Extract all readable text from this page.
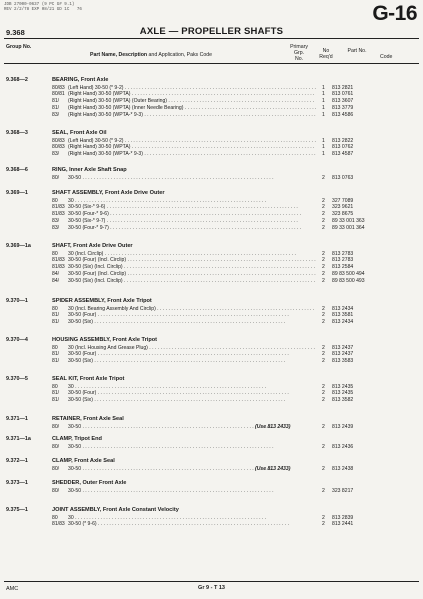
JDB 27000-0637 (9 PC G# 9.1)
REV 2/2/78 EXP 08/21 GD 1C   76	G-16
9.368	AXLE — PROPELLER SHAFTS
Group No.
Part Name, Description and Application, Paks Code
Primary Grp.
No.
No Req'd
Part No.
Code
9.368—2	BEARING, Front Axle
80/83 (Left Hand) 30-50 (* 9-2) . . .	1 813 2821
80/81 (Right Hand) 30-50 (WPTA) . . .	1 813 0761
81/ (Right Hand) 30-50 (WPTA) (Outer Bearing) . . .	1 813 3607
81/ (Right Hand) 30-50 (WPTA) (Inner Needle Bearing) . . .	1 813 3779
83/ (Right Hand) 30-50 (WPTA-* 9-3) . . .	1 813 4586
9.368—3	SEAL, Front Axle Oil
80/83 (Left Hand) 30-50 (* 9-2) . . .	1 813 2822
80/83 (Right Hand) 30-50 (WPTA) . . .	1 813 0762
83/ (Right Hand) 30-50 (WPTA-* 9-3) . . .	1 813 4587
9.368—6	RING, Inner Axle Shaft Snap
80/ 30-50 . . .	2 813 0763
9.369—1	SHAFT ASSEMBLY, Front Axle Drive Outer
80 30 . . .	2 327 7089
81/83 30-50 (Six-* 9-6) . . .	2 323 9621
81/83 30-50 (Four-* 9-6) . . .	2 323 8675
83/ 30-50 (Six-* 9-7) . . .	2 89 33 001 363
83/ 30-50 (Four-* 9-7) . . .	2 89 33 001 364
9.369—1a	SHAFT, Front Axle Drive Outer
80 30 (Incl. Circlip) . . .	2 813 2783
81/83 30-50 (Four) (Incl. Circlip) . . .	2 813 2783
81/83 30-50 (Six) (Incl. Circlip) . . .	2 813 2584
84/ 30-50 (Four) (Incl. Circlip) . . .	2 89 83 500 494
84/ 30-50 (Six) (Incl. Circlip) . . .	2 89 83 500 493
9.370—1	SPIDER ASSEMBLY, Front Axle Tripot
80 30 (Incl. Bearing Assembly And Circlip) . . .	2 813 2434
81/ 30-50 (Four) . . .	2 813 3581
81/ 30-50 (Six) . . .	2 813 2434
9.370—4	HOUSING ASSEMBLY, Front Axle Tripot
80 30 (Incl. Housing And Grease Plug) . . .	2 813 2437
81/ 30-50 (Four) . . .	2 813 2437
81/ 30-50 (Six) . . .	2 813 3583
9.370—5	SEAL KIT, Front Axle Tripot
80 30 . . .	2 813 2435
81/ 30-50 (Four) . . .	2 813 2435
81/ 30-50 (Six) . . .	2 813 3582
9.371—1	RETAINER, Front Axle Seal
80/ 30-50 . . .	(Use 813 2433)	2 813 2439
9.371—1a	CLAMP, Tripot End
80/ 30-50 . . .	2 813 2436
9.372—1	CLAMP, Front Axle Seal
80/ 30-50 . . .	(Use 813 2433)	2 813 2438
9.373—1	SHEDDER, Outer Front Axle
80/ 30-50 . . .	2 323 8217
9.375—1	JOINT ASSEMBLY, Front Axle Constant Velocity
80 30 . . .	2 813 2839
81/83 30-50 (* 9-6) . . .	2 813 2441
AMC	Gr 9 - T 13
